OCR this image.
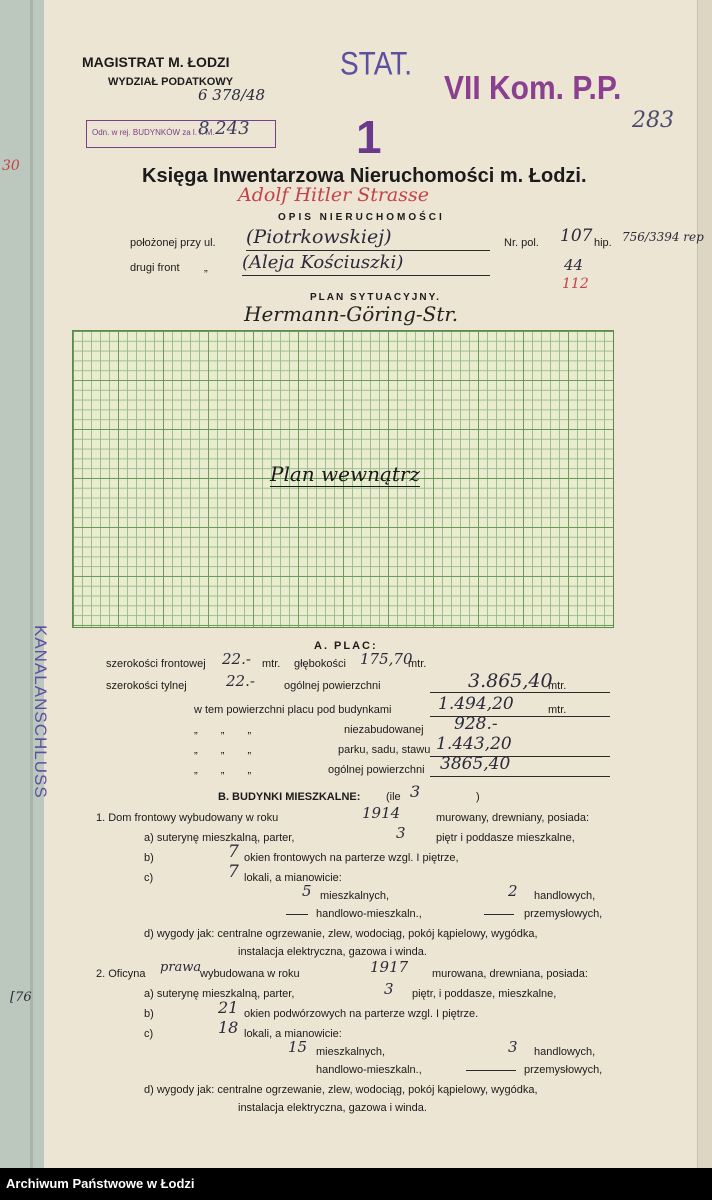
KANALANSCHLUSS
30
[76
MAGISTRAT M. ŁODZI
WYDZIAŁ PODATKOWY
6 378/48
Odn. w rej. BUDYNKÓW za l. r. M.
8 243
STAT.
VII Kom. P.P.
1	283
Księga Inwentarzowa Nieruchomości m. Łodzi.
Adolf Hitler Strasse
OPIS NIERUCHOMOŚCI
położonej przy ul. (Piotrkowskiej)	Nr. pol. 107 hip. 756/3394 rep
drugi front „ (Aleja Kościuszki)	44
112
PLAN SYTUACYJNY.
Hermann-Göring-Str.
Plan wewnątrz
A. PLAC:
szerokości frontowej 22.- mtr. głębokości 175,70
mtr.
szerokości tylnej	22.-	ogólnej powierzchni	3.865,40
mtr.
w tem powierzchni placu pod budynkami	1.494,20	mtr.
„ „ „	niezabudowanej 928.-
„ „ „	parku, sadu, stawu 1.443,20
„ „ „	ogólnej powierzchni 3865,40
B. BUDYNKI MIESZKALNE: (ile 3	)
1. Dom frontowy wybudowany w roku	1914	murowany, drewniany, posiada:
a) suterynę mieszkalną, parter,	3	piętr i poddasze mieszkalne,
b)	7 okien frontowych na parterze wzgl. I piętrze,
c)	7 lokali, a mianowicie:
5 mieszkalnych,	2 handlowych,
handlowo-mieszkaln.,	przemysłowych,
d) wygody jak: centralne ogrzewanie, zlew, wodociąg, pokój kąpielowy, wygódka,
instalacja elektryczna, gazowa i winda.
2. Oficyna prawa
wybudowana w roku	1917 murowana, drewniana, posiada:
a) suterynę mieszkalną, parter,	3 piętr, i poddasze, mieszkalne,
b)	21 okien podwórzowych na parterze wzgl. I piętrze.
c)	18 lokali, a mianowicie:
15 mieszkalnych,	3 handlowych,
handlowo-mieszkaln.,	przemysłowych,
d) wygody jak: centralne ogrzewanie, zlew, wodociąg, pokój kąpielowy, wygódka,
instalacja elektryczna, gazowa i winda.
Archiwum Państwowe w Łodzi
